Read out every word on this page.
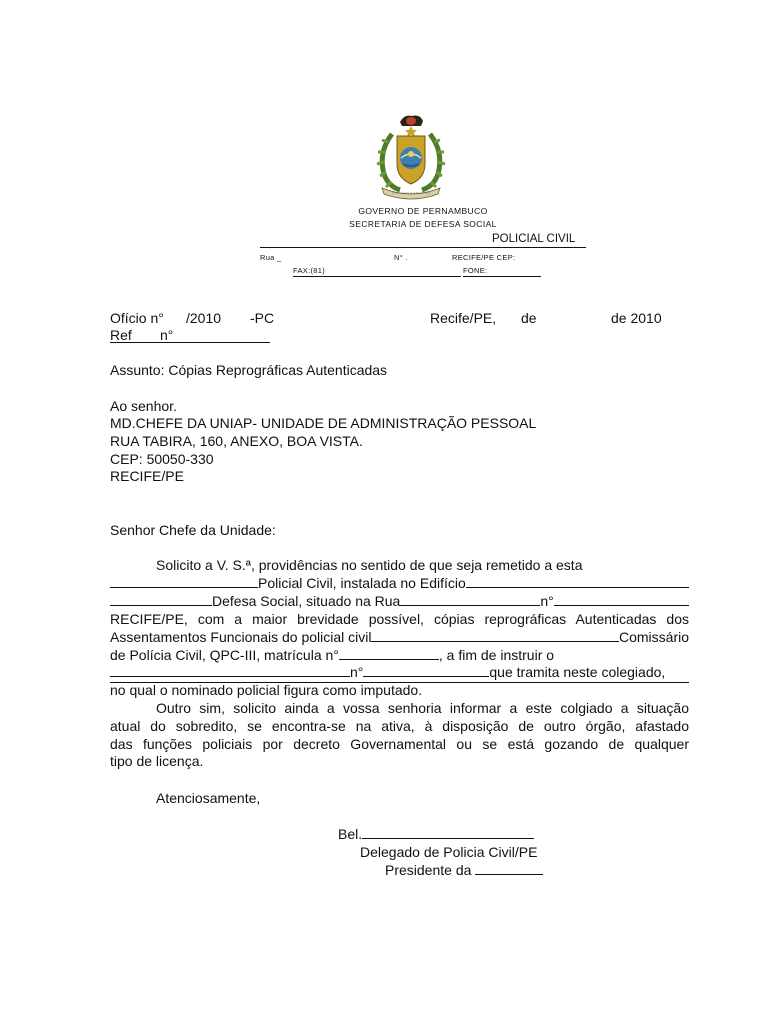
GOVERNO DE PERNAMBUCO
SECRETARIA DE DEFESA SOCIAL
POLICIAL CIVIL
Rua _	N° .	RECIFE/PE CEP:
FAX:(81)	FONE:
Ofício n° /2010 -PC	Recife/PE, de	de 2010
Ref n°
Assunto: Cópias Reprográficas Autenticadas
Ao senhor.
MD.CHEFE DA UNIAP- UNIDADE DE ADMINISTRAÇÃO PESSOAL
RUA TABIRA, 160, ANEXO, BOA VISTA.
CEP: 50050-330
RECIFE/PE
Senhor Chefe da Unidade:
Solicito a V. S.ª, providências no sentido de que seja remetido a esta
Policial Civil, instalada no Edifício
Defesa Social, situado na Rua	n°
RECIFE/PE, com a maior brevidade possível, cópias reprográficas Autenticadas dos
Assentamentos Funcionais do policial civil	Comissário
de Polícia Civil, QPC-III, matrícula n°	, a fim de instruir o
n°	que tramita neste colegiado,
no qual o nominado policial figura como imputado.
Outro sim, solicito ainda a vossa senhoria informar a este colgiado a situação
atual do sobredito, se encontra-se na ativa, à disposição de outro órgão, afastado
das funções policiais por decreto Governamental ou se está gozando de qualquer
tipo de licença.
Atenciosamente,
Bel.
Delegado de Policia Civil/PE
Presidente da
